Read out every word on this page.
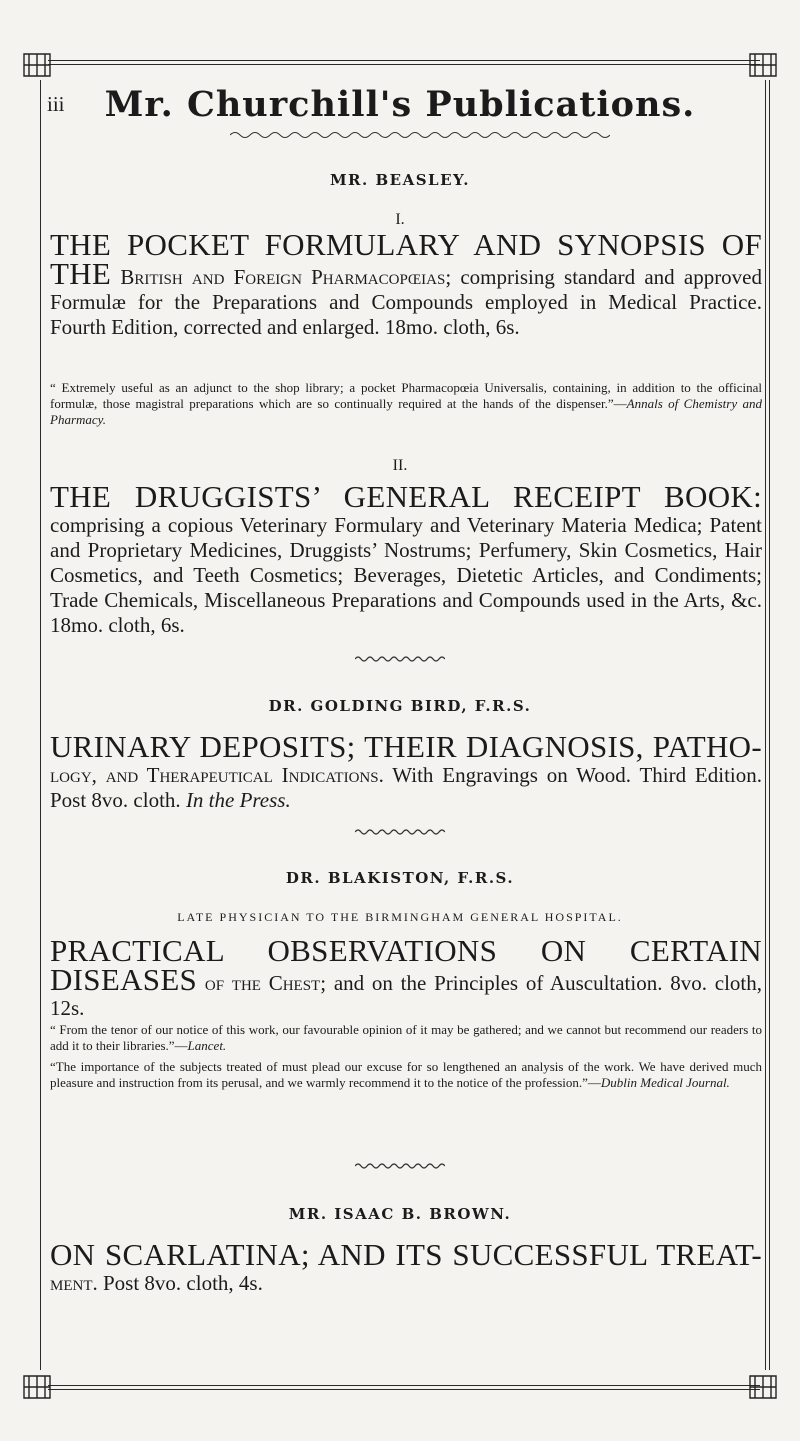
iii	Mr. Churchill's Publications.
MR. BEASLEY.
I.
THE POCKET FORMULARY AND SYNOPSIS OF THE British and Foreign Pharmacopœias; comprising standard and approved Formulæ for the Preparations and Compounds employed in Medical Practice. Fourth Edition, corrected and enlarged. 18mo. cloth, 6s.
“ Extremely useful as an adjunct to the shop library; a pocket Pharmacopœia Universalis, containing, in addition to the officinal formulæ, those magistral preparations which are so continually required at the hands of the dispenser.”—Annals of Chemistry and Pharmacy.
II.
THE DRUGGISTS’ GENERAL RECEIPT BOOK: comprising a copious Veterinary Formulary and Veterinary Materia Medica; Patent and Proprietary Medicines, Druggists’ Nostrums; Perfumery, Skin Cosmetics, Hair Cosmetics, and Teeth Cosmetics; Beverages, Dietetic Articles, and Condiments; Trade Chemicals, Miscellaneous Preparations and Compounds used in the Arts, &c. 18mo. cloth, 6s.
DR. GOLDING BIRD, F.R.S.
URINARY DEPOSITS; THEIR DIAGNOSIS, PATHO- logy, and Therapeutical Indications. With Engravings on Wood. Third Edition. Post 8vo. cloth. In the Press.
DR. BLAKISTON, F.R.S.
LATE PHYSICIAN TO THE BIRMINGHAM GENERAL HOSPITAL.
PRACTICAL OBSERVATIONS ON CERTAIN DISEASES of the Chest; and on the Principles of Auscultation. 8vo. cloth, 12s.
“ From the tenor of our notice of this work, our favourable opinion of it may be gathered; and we cannot but recommend our readers to add it to their libraries.”—Lancet.
“The importance of the subjects treated of must plead our excuse for so lengthened an analysis of the work. We have derived much pleasure and instruction from its perusal, and we warmly recommend it to the notice of the profession.”—Dublin Medical Journal.
MR. ISAAC B. BROWN.
ON SCARLATINA; AND ITS SUCCESSFUL TREAT- ment. Post 8vo. cloth, 4s.
